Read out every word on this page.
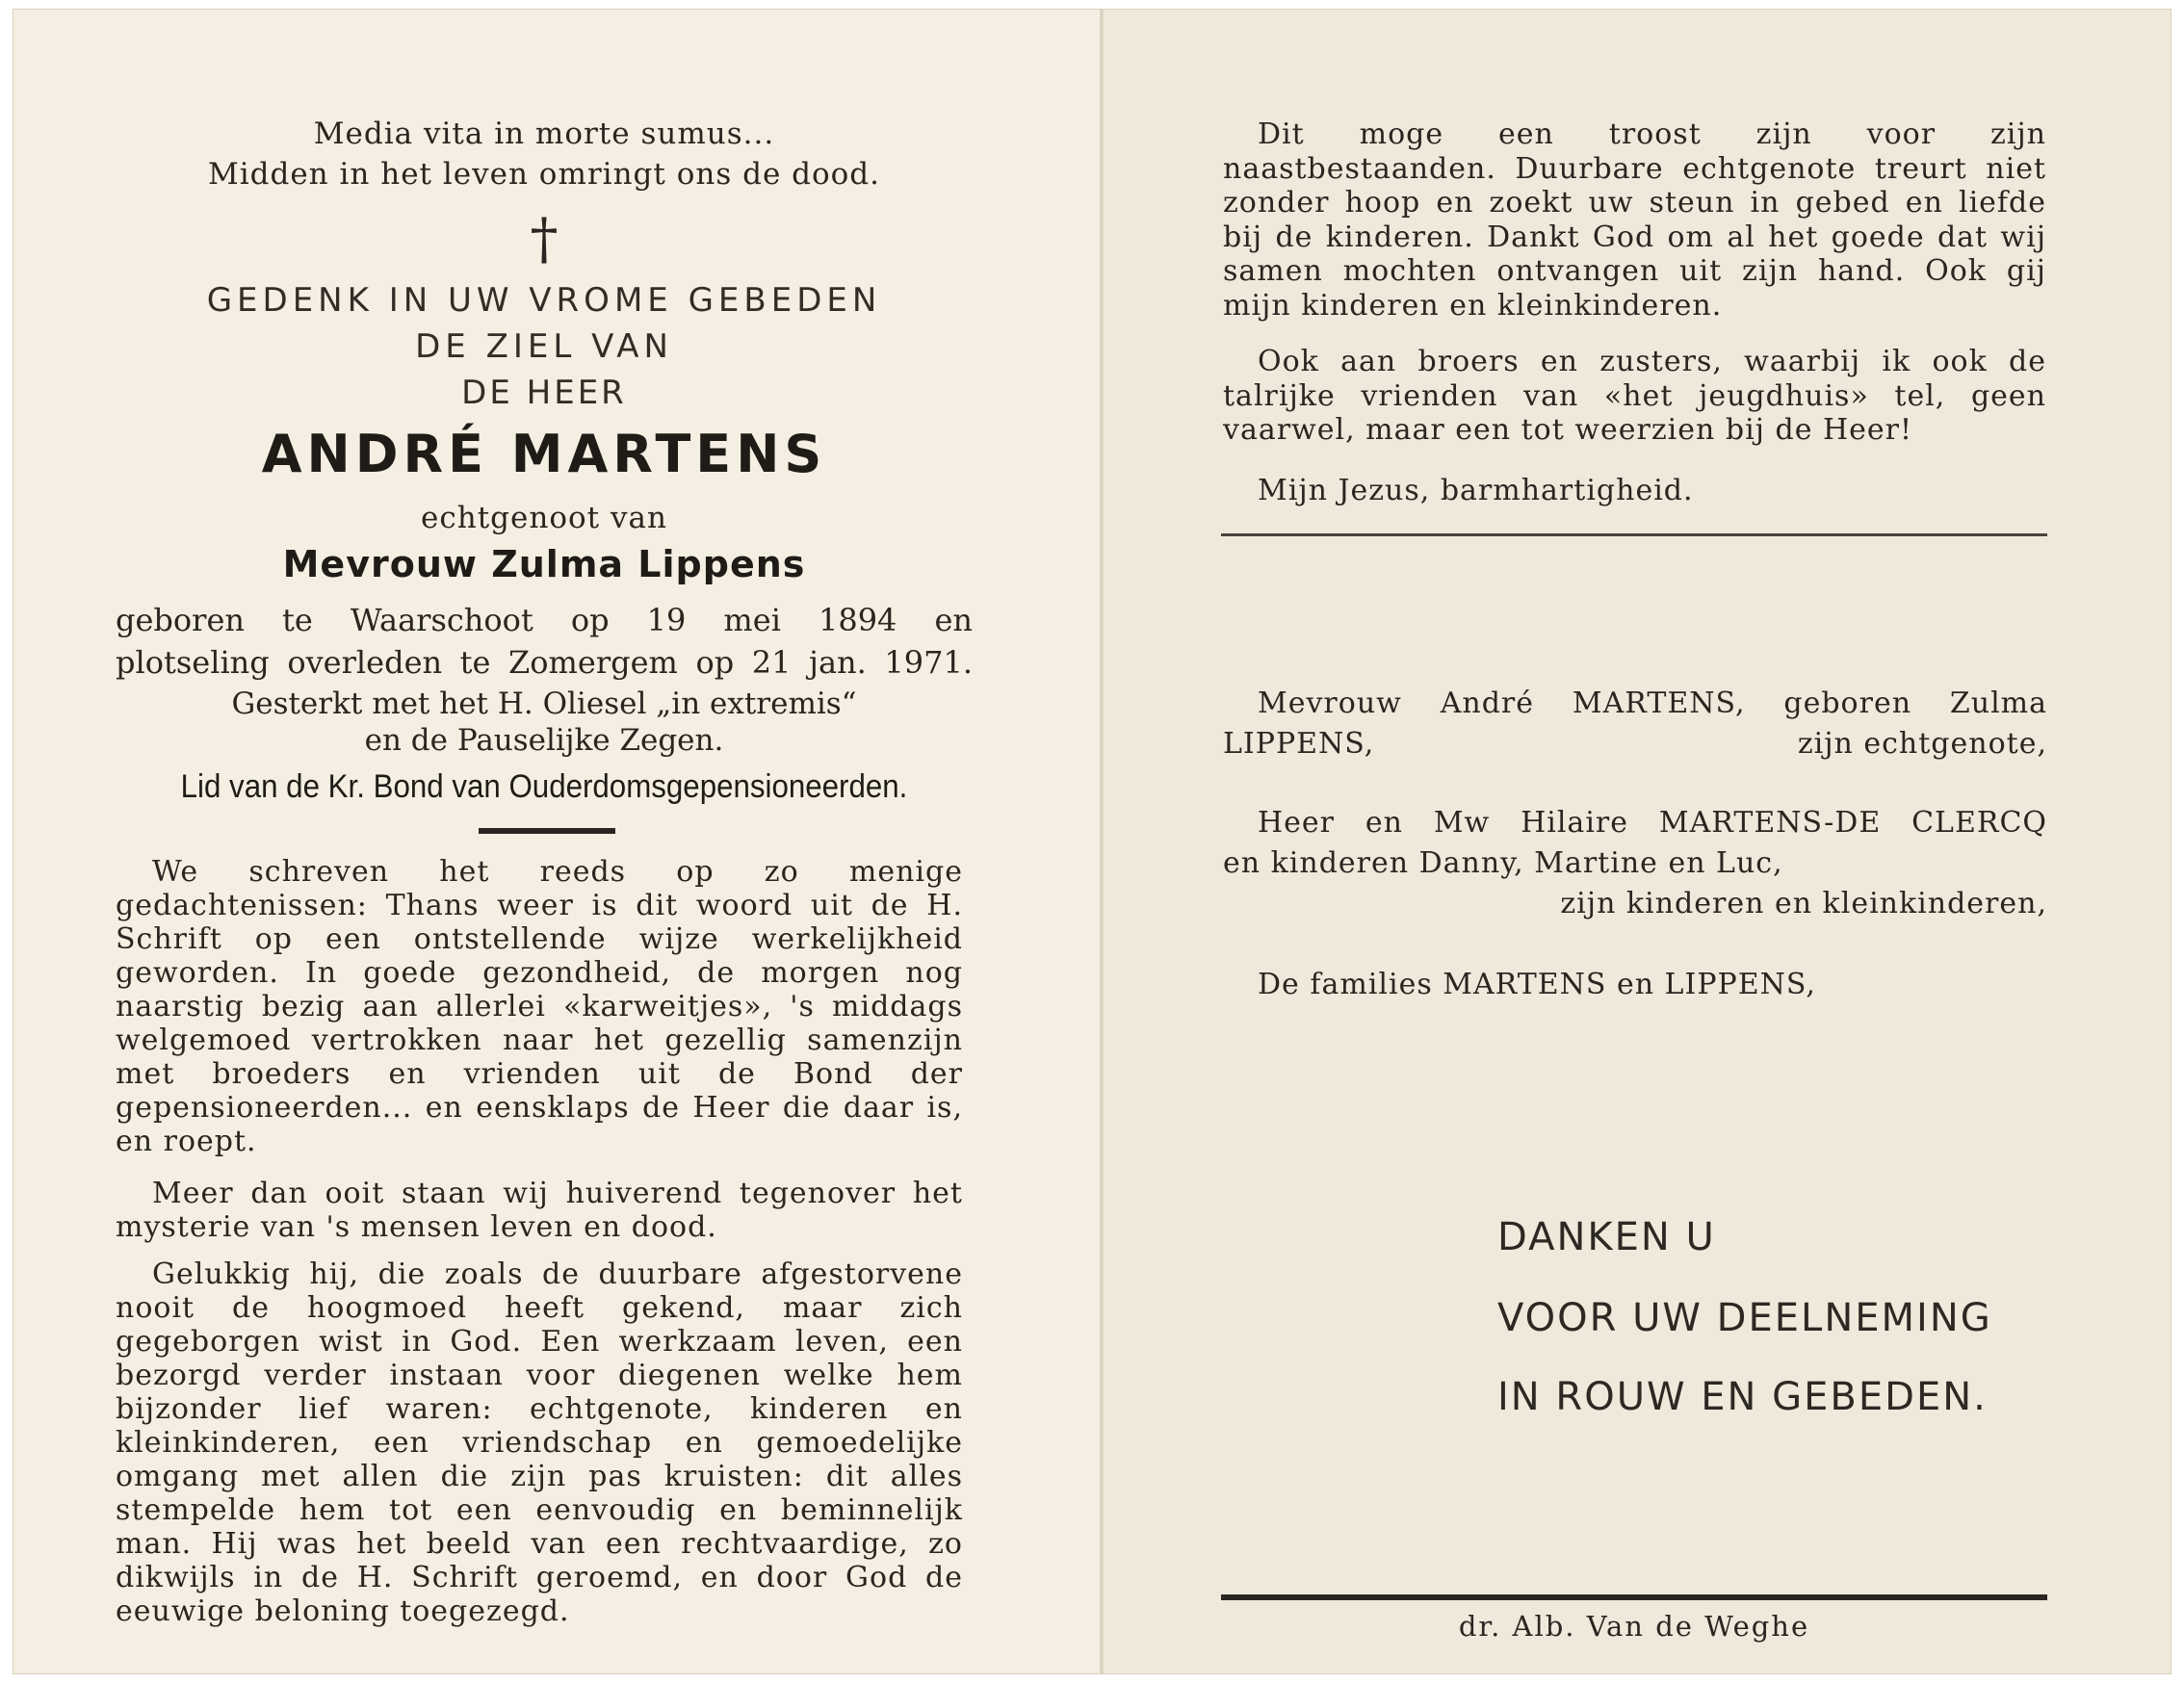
Media vita in morte sumus...
Midden in het leven omringt ons de dood.
†
GEDENK IN UW VROME GEBEDEN
DE ZIEL VAN
DE HEER
ANDRÉ MARTENS
echtgenoot van
Mevrouw Zulma Lippens
geboren te Waarschoot op 19 mei 1894 en
plotseling overleden te Zomergem op 21 jan. 1971.
Gesterkt met het H. Oliesel „in extremis“
en de Pauselijke Zegen.
Lid van de Kr. Bond van Ouderdomsgepensioneerden.

We schreven het reeds op zo menige gedachtenissen: Thans weer is dit woord uit de H. Schrift op een ontstellende wijze werkelijkheid geworden. In goede gezondheid, de morgen nog naarstig bezig aan allerlei «karweitjes», 's middags welgemoed vertrokken naar het gezellig samenzijn met broeders en vrienden uit de Bond der gepensioneerden... en eensklaps de Heer die daar is, en roept.

Meer dan ooit staan wij huiverend tegenover het mysterie van 's mensen leven en dood.

Gelukkig hij, die zoals de duurbare afgestorvene nooit de hoogmoed heeft gekend, maar zich gegeborgen wist in God. Een werkzaam leven, een bezorgd verder instaan voor diegenen welke hem bijzonder lief waren: echtgenote, kinderen en kleinkinderen, een vriendschap en gemoedelijke omgang met allen die zijn pas kruisten: dit alles stempelde hem tot een eenvoudig en beminnelijk man. Hij was het beeld van een rechtvaardige, zo dikwijls in de H. Schrift geroemd, en door God de eeuwige beloning toegezegd.

Dit moge een troost zijn voor zijn naastbestaanden. Duurbare echtgenote treurt niet zonder hoop en zoekt uw steun in gebed en liefde bij de kinderen. Dankt God om al het goede dat wij samen mochten ontvangen uit zijn hand. Ook gij mijn kinderen en kleinkinderen.

Ook aan broers en zusters, waarbij ik ook de talrijke vrienden van «het jeugdhuis» tel, geen vaarwel, maar een tot weerzien bij de Heer!

Mijn Jezus, barmhartigheid.
Mevrouw André MARTENS, geboren Zulma
LIPPENS,	zijn echtgenote,
Heer en Mw Hilaire MARTENS-DE CLERCQ
en kinderen Danny, Martine en Luc,
zijn kinderen en kleinkinderen,
De families MARTENS en LIPPENS,
DANKEN U
VOOR UW DEELNEMING
IN ROUW EN GEBEDEN.
dr. Alb. Van de Weghe
